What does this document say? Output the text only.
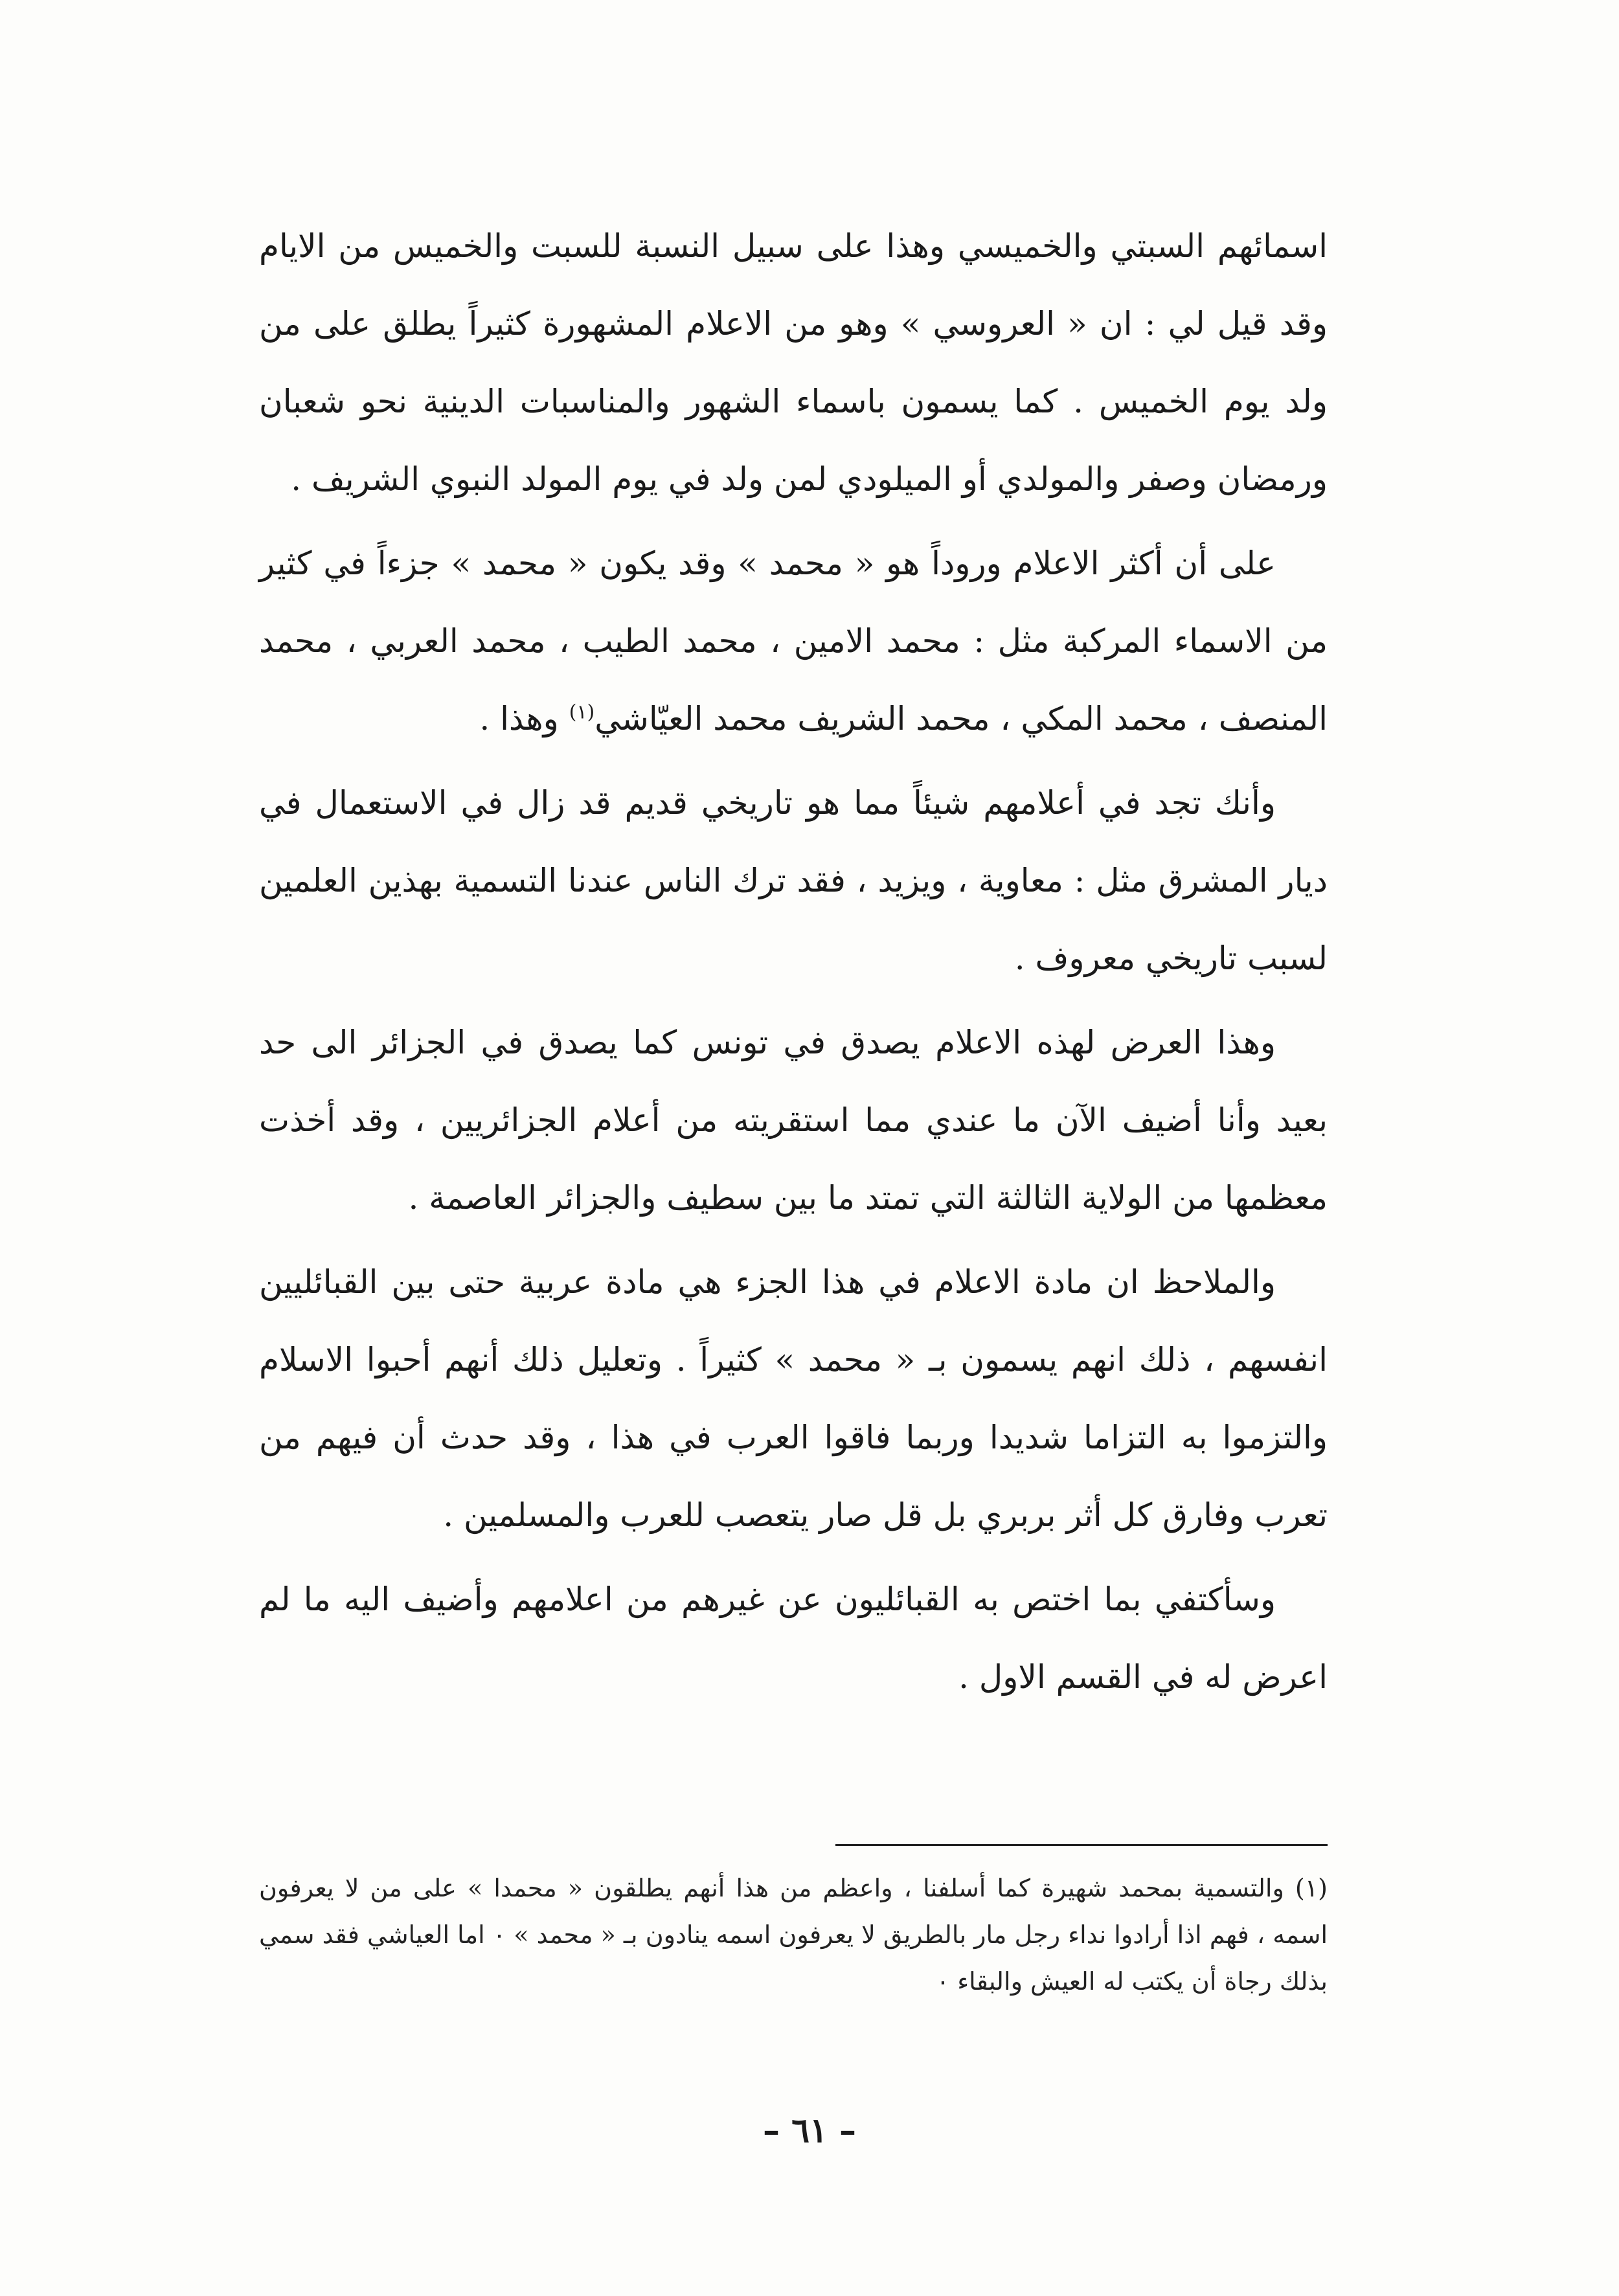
اسمائهم السبتي والخميسي وهذا على سبيل النسبة للسبت والخميس من الايام وقد قيل لي : ان « العروسي » وهو من الاعلام المشهورة كثيراً يطلق على من ولد يوم الخميس . كما يسمون باسماء الشهور والمناسبات الدينية نحو شعبان ورمضان وصفر والمولدي أو الميلودي لمن ولد في يوم المولد النبوي الشريف .

على أن أكثر الاعلام وروداً هو « محمد » وقد يكون « محمد » جزءاً في كثير من الاسماء المركبة مثل : محمد الامين ، محمد الطيب ، محمد العربي ، محمد المنصف ، محمد المكي ، محمد الشريف محمد العيّاشي$^{(١)}$ وهذا .

وأنك تجد في أعلامهم شيئاً مما هو تاريخي قديم قد زال في الاستعمال في ديار المشرق مثل : معاوية ، ويزيد ، فقد ترك الناس عندنا التسمية بهذين العلمين لسبب تاريخي معروف .

وهذا العرض لهذه الاعلام يصدق في تونس كما يصدق في الجزائر الى حد بعيد وأنا أضيف الآن ما عندي مما استقريته من أعلام الجزائريين ، وقد أخذت معظمها من الولاية الثالثة التي تمتد ما بين سطيف والجزائر العاصمة .

والملاحظ ان مادة الاعلام في هذا الجزء هي مادة عربية حتى بين القبائليين انفسهم ، ذلك انهم يسمون بـ « محمد » كثيراً . وتعليل ذلك أنهم أحبوا الاسلام والتزموا به التزاما شديدا وربما فاقوا العرب في هذا ، وقد حدث أن فيهم من تعرب وفارق كل أثر بربري بل قل صار يتعصب للعرب والمسلمين .

وسأكتفي بما اختص به القبائليون عن غيرهم من اعلامهم وأضيف اليه ما لم اعرض له في القسم الاول .

(١) والتسمية بمحمد شهيرة كما أسلفنا ، واعظم من هذا أنهم يطلقون « محمدا » على من لا يعرفون اسمه ، فهم اذا أرادوا نداء رجل مار بالطريق لا يعرفون اسمه ينادون بـ « محمد » ٠ اما العياشي فقد سمي بذلك رجاة أن يكتب له العيش والبقاء ٠

– ٦١ –
